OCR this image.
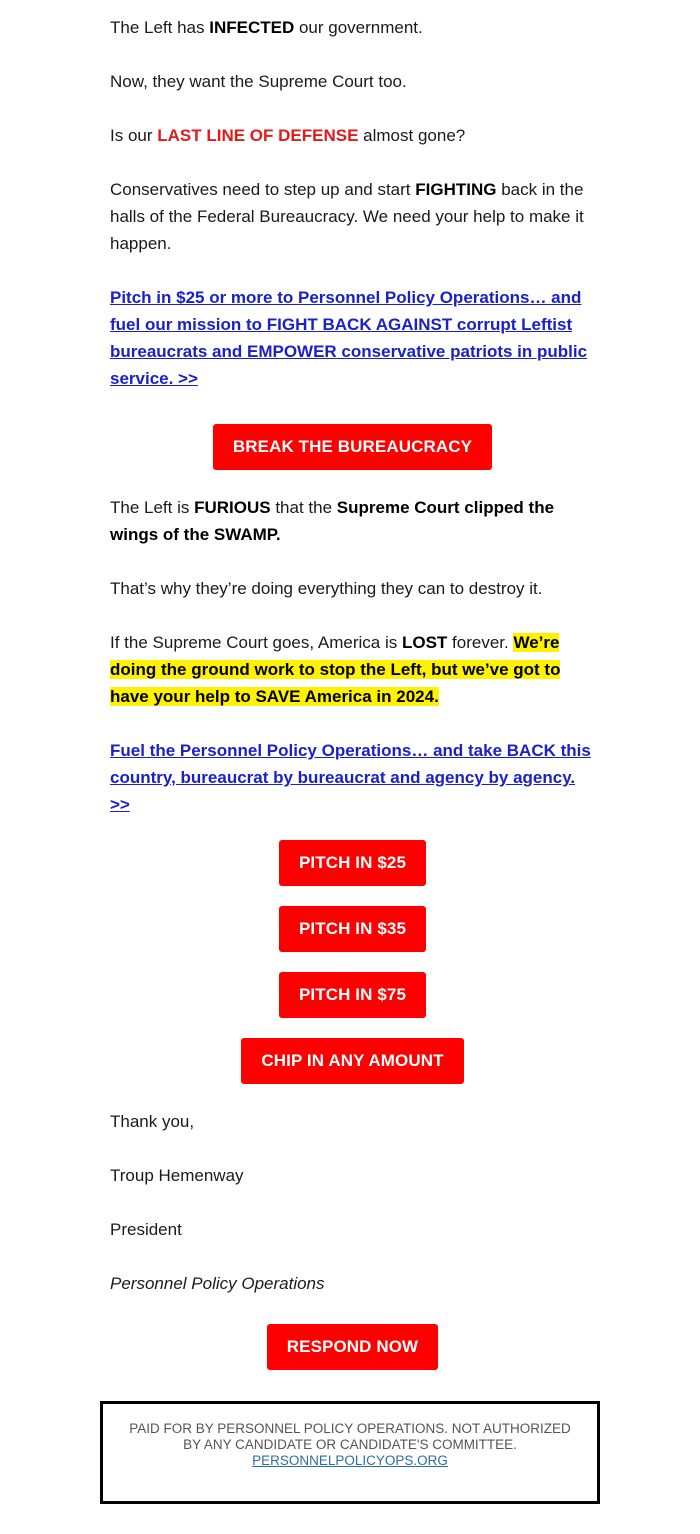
The Left has INFECTED our government.

Now, they want the Supreme Court too.

Is our LAST LINE OF DEFENSE almost gone?

Conservatives need to step up and start FIGHTING back in the halls of the Federal Bureaucracy. We need your help to make it happen.

Pitch in $25 or more to Personnel Policy Operations… and fuel our mission to FIGHT BACK AGAINST corrupt Leftist bureaucrats and EMPOWER conservative patriots in public service. >>

BREAK THE BUREAUCRACY

The Left is FURIOUS that the Supreme Court clipped the wings of the SWAMP.

That’s why they’re doing everything they can to destroy it.

If the Supreme Court goes, America is LOST forever. We’re doing the ground work to stop the Left, but we’ve got to have your help to SAVE America in 2024.

Fuel the Personnel Policy Operations… and take BACK this country, bureaucrat by bureaucrat and agency by agency. >>

PITCH IN $25
PITCH IN $35
PITCH IN $75
CHIP IN ANY AMOUNT

Thank you,

Troup Hemenway

President

Personnel Policy Operations

RESPOND NOW
PAID FOR BY PERSONNEL POLICY OPERATIONS. NOT AUTHORIZED
BY ANY CANDIDATE OR CANDIDATE'S COMMITTEE.
PERSONNELPOLICYOPS.ORG
